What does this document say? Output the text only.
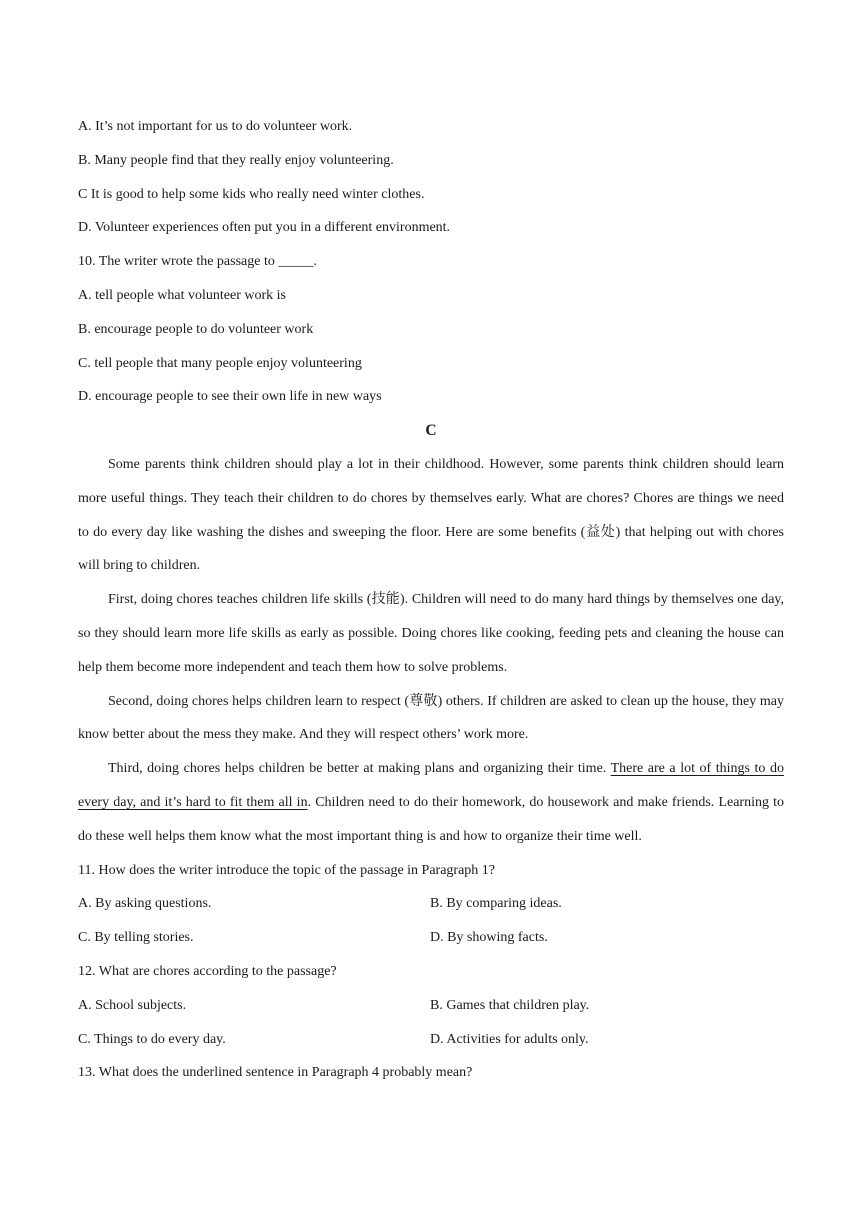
A. It’s not important for us to do volunteer work.

B. Many people find that they really enjoy volunteering.

C It is good to help some kids who really need winter clothes.

D. Volunteer experiences often put you in a different environment.

10. The writer wrote the passage to _____.

A. tell people what volunteer work is

B. encourage people to do volunteer work

C. tell people that many people enjoy volunteering

D. encourage people to see their own life in new ways

C

Some parents think children should play a lot in their childhood. However, some parents think children should learn more useful things. They teach their children to do chores by themselves early. What are chores? Chores are things we need to do every day like washing the dishes and sweeping the floor. Here are some benefits (益处) that helping out with chores will bring to children.

First, doing chores teaches children life skills (技能). Children will need to do many hard things by themselves one day, so they should learn more life skills as early as possible. Doing chores like cooking, feeding pets and cleaning the house can help them become more independent and teach them how to solve problems.

Second, doing chores helps children learn to respect (尊敬) others. If children are asked to clean up the house, they may know better about the mess they make. And they will respect others’ work more.

Third, doing chores helps children be better at making plans and organizing their time. There are a lot of things to do every day, and it’s hard to fit them all in. Children need to do their homework, do housework and make friends. Learning to do these well helps them know what the most important thing is and how to organize their time well.

11. How does the writer introduce the topic of the passage in Paragraph 1?

A. By asking questions.	B. By comparing ideas.
C. By telling stories.	D. By showing facts.

12. What are chores according to the passage?

A. School subjects.	B. Games that children play.
C. Things to do every day.	D. Activities for adults only.

13. What does the underlined sentence in Paragraph 4 probably mean?
